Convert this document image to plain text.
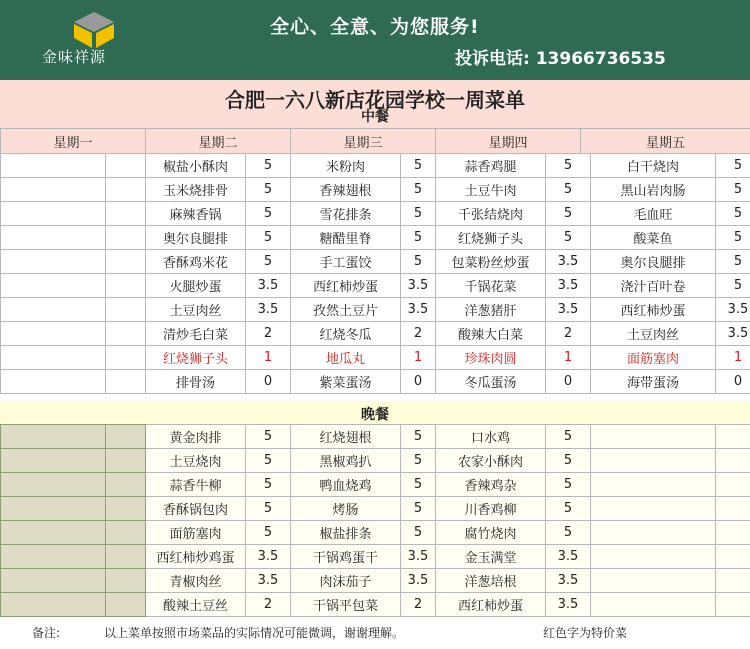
金味祥源
全心、全意、为您服务!
投诉电话: 13966736535
合肥一六八新店花园学校一周菜单
中餐
星期一	星期二	星期三	星期四	星期五
		椒盐小酥肉	5	米粉肉	5	蒜香鸡腿	5	白干烧肉	5
		玉米烧排骨	5	香辣翅根	5	土豆牛肉	5	黑山岩肉肠	5
		麻辣香锅	5	雪花排条	5	千张结烧肉	5	毛血旺	5
		奥尔良腿排	5	糖醋里脊	5	红烧狮子头	5	酸菜鱼	5
		香酥鸡米花	5	手工蛋饺	5	包菜粉丝炒蛋	3.5	奥尔良腿排	5
		火腿炒蛋	3.5	西红柿炒蛋	3.5	千锅花菜	3.5	浇汁百叶卷	5
		土豆肉丝	3.5	孜然土豆片	3.5	洋葱猪肝	3.5	西红柿炒蛋	3.5
		清炒毛白菜	2	红烧冬瓜	2	酸辣大白菜	2	土豆肉丝	3.5
		红烧狮子头	1	地瓜丸	1	珍珠肉圆	1	面筋塞肉	1
		排骨汤	0	紫菜蛋汤	0	冬瓜蛋汤	0	海带蛋汤	0
晚餐
		黄金肉排	5	红烧翅根	5	口水鸡	5		
		土豆烧肉	5	黑椒鸡扒	5	农家小酥肉	5		
		蒜香牛柳	5	鸭血烧鸡	5	香辣鸡杂	5		
		香酥锅包肉	5	烤肠	5	川香鸡柳	5		
		面筋塞肉	5	椒盐排条	5	腐竹烧肉	5		
		西红柿炒鸡蛋	3.5	干锅鸡蛋干	3.5	金玉满堂	3.5		
		青椒肉丝	3.5	肉沫茄子	3.5	洋葱培根	3.5		
		酸辣土豆丝	2	干锅平包菜	2	西红柿炒蛋	3.5		
备注:	以上菜单按照市场菜品的实际情况可能微调，谢谢理解。	红色字为特价菜
